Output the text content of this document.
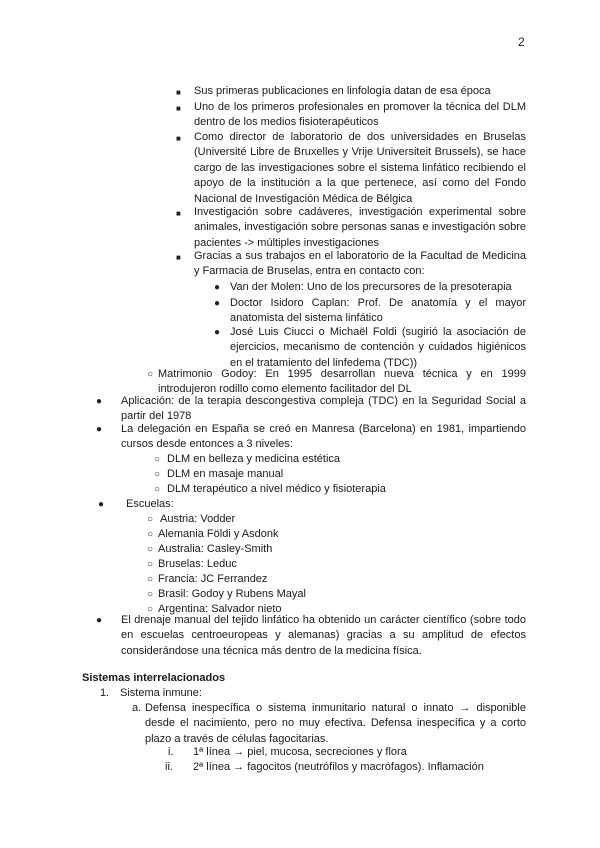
2
■ Sus primeras publicaciones en linfología datan de esa época
■ Uno de los primeros profesionales en promover la técnica del DLM dentro de los medios fisioterapéuticos
■ Como director de laboratorio de dos universidades en Bruselas (Université Libre de Bruxelles y Vrije Universiteit Brussels), se hace cargo de las investigaciones sobre el sistema linfático recibiendo el apoyo de la institución a la que pertenece, así como del Fondo Nacional de Investigación Médica de Bélgica
■ Investigación sobre cadáveres, investigación experimental sobre animales, investigación sobre personas sanas e investigación sobre pacientes -> múltiples investigaciones
■ Gracias a sus trabajos en el laboratorio de la Facultad de Medicina y Farmacia de Bruselas, entra en contacto con:
● Van der Molen: Uno de los precursores de la presoterapia
● Doctor Isidoro Caplan: Prof. De anatomía y el mayor anatomista del sistema linfático
● José Luis Ciucci o Michaël Foldi (sugirió la asociación de ejercicios, mecanismo de contención y cuidados higiénicos en el tratamiento del linfedema (TDC))
○ Matrimonio Godoy: En 1995 desarrollan nueva técnica y en 1999 introdujeron rodillo como elemento facilitador del DL
● Aplicación: de la terapia descongestiva compleja (TDC) en la Seguridad Social a partir del 1978
● La delegación en España se creó en Manresa (Barcelona) en 1981, impartiendo cursos desde entonces a 3 niveles:
○ DLM en belleza y medicina estética
○ DLM en masaje manual
○ DLM terapéutico a nivel médico y fisioterapia
● Escuelas:
○ Austria: Vodder
○ Alemania Földi y Asdonk
○ Australia: Casley-Smith
○ Bruselas: Leduc
○ Francia: JC Ferrandez
○ Brasil: Godoy y Rubens Mayal
○ Argentina: Salvador nieto
● El drenaje manual del tejido linfático ha obtenido un carácter científico (sobre todo en escuelas centroeuropeas y alemanas) gracias a su amplitud de efectos considerándose una técnica más dentro de la medicina física.
Sistemas interrelacionados
1. Sistema inmune:
a. Defensa inespecífica o sistema inmunitario natural o innato → disponible desde el nacimiento, pero no muy efectiva. Defensa inespecífica y a corto plazo a través de células fagocitarias.
i. 1ª línea → piel, mucosa, secreciones y flora
ii. 2ª línea → fagocitos (neutrófilos y macrófagos). Inflamación
